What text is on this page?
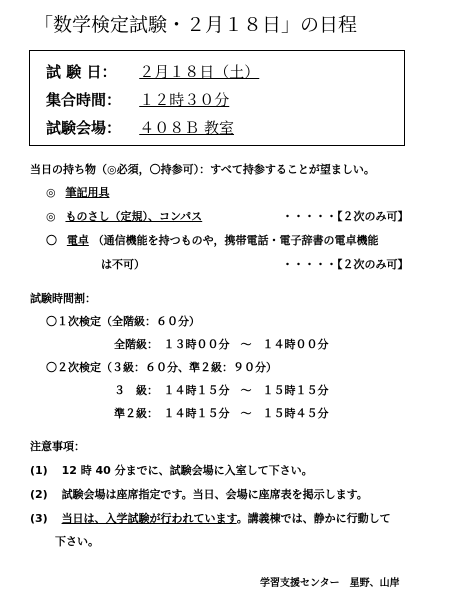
「数学検定試験・２月１８日」の日程
試 験 日： ２月１８日（土）
集合時間： １２時３０分
試験会場： ４０８Ｂ 教室
当日の持ち物（◎必須，〇持参可）：すべて持参することが望ましい。
◎ 筆記用具
◎ ものさし（定規）、コンパス	・・・・・【２次のみ可】
〇 電卓 （通信機能を持つものや，携帯電話・電子辞書の電卓機能
は不可）	・・・・・【２次のみ可】
試験時間割：
〇１次検定（全階級：６０分）
全階級：　１３時００分　～　１４時００分
〇２次検定（３級：６０分、準２級：９０分）
３　級：　１４時１５分　～　１５時１５分
準２級：　１４時１５分　～　１５時４５分
注意事項：
(1) 12 時 40 分までに、試験会場に入室して下さい。
(2) 試験会場は座席指定です。当日、会場に座席表を掲示します。
(3) 当日は、入学試験が行われています。講義棟では、静かに行動して
下さい。
学習支援センター　星野、山岸
